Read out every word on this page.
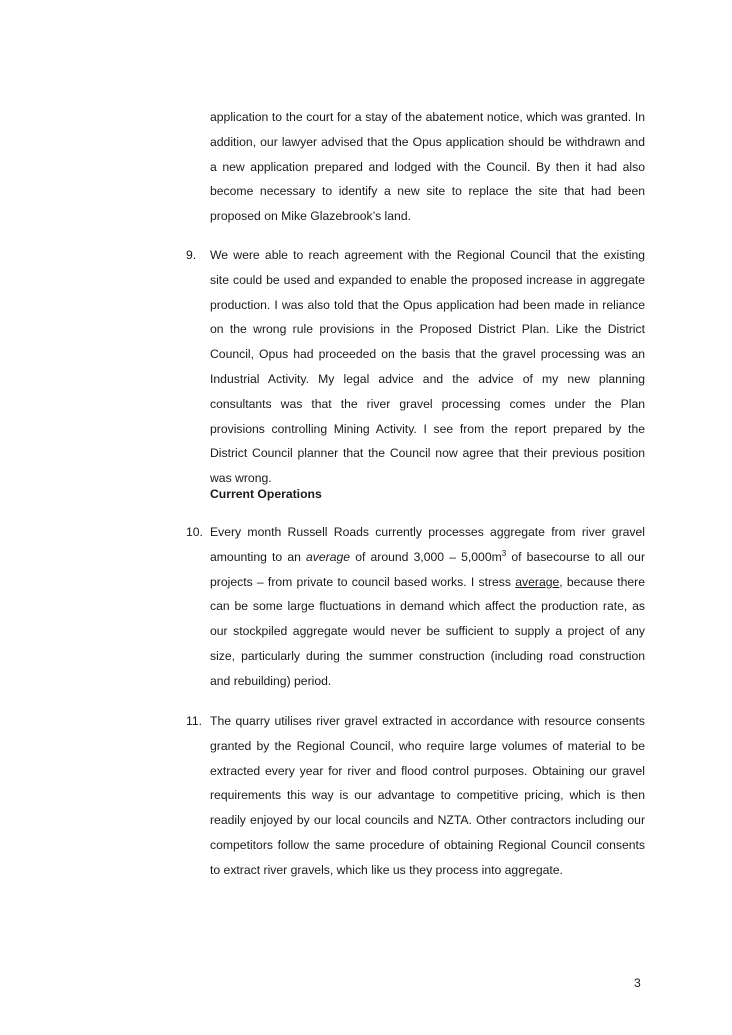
application to the court for a stay of the abatement notice, which was granted. In addition, our lawyer advised that the Opus application should be withdrawn and a new application prepared and lodged with the Council. By then it had also become necessary to identify a new site to replace the site that had been proposed on Mike Glazebrook’s land.
9.	We were able to reach agreement with the Regional Council that the existing site could be used and expanded to enable the proposed increase in aggregate production. I was also told that the Opus application had been made in reliance on the wrong rule provisions in the Proposed District Plan. Like the District Council, Opus had proceeded on the basis that the gravel processing was an Industrial Activity. My legal advice and the advice of my new planning consultants was that the river gravel processing comes under the Plan provisions controlling Mining Activity. I see from the report prepared by the District Council planner that the Council now agree that their previous position was wrong.
Current Operations
10. Every month Russell Roads currently processes aggregate from river gravel amounting to an average of around $3,000 - 5,000m^3$ of basecourse to all our projects – from private to council based works. I stress average, because there can be some large fluctuations in demand which affect the production rate, as our stockpiled aggregate would never be sufficient to supply a project of any size, particularly during the summer construction (including road construction and rebuilding) period.
11. The quarry utilises river gravel extracted in accordance with resource consents granted by the Regional Council, who require large volumes of material to be extracted every year for river and flood control purposes. Obtaining our gravel requirements this way is our advantage to competitive pricing, which is then readily enjoyed by our local councils and NZTA. Other contractors including our competitors follow the same procedure of obtaining Regional Council consents to extract river gravels, which like us they process into aggregate.
3
